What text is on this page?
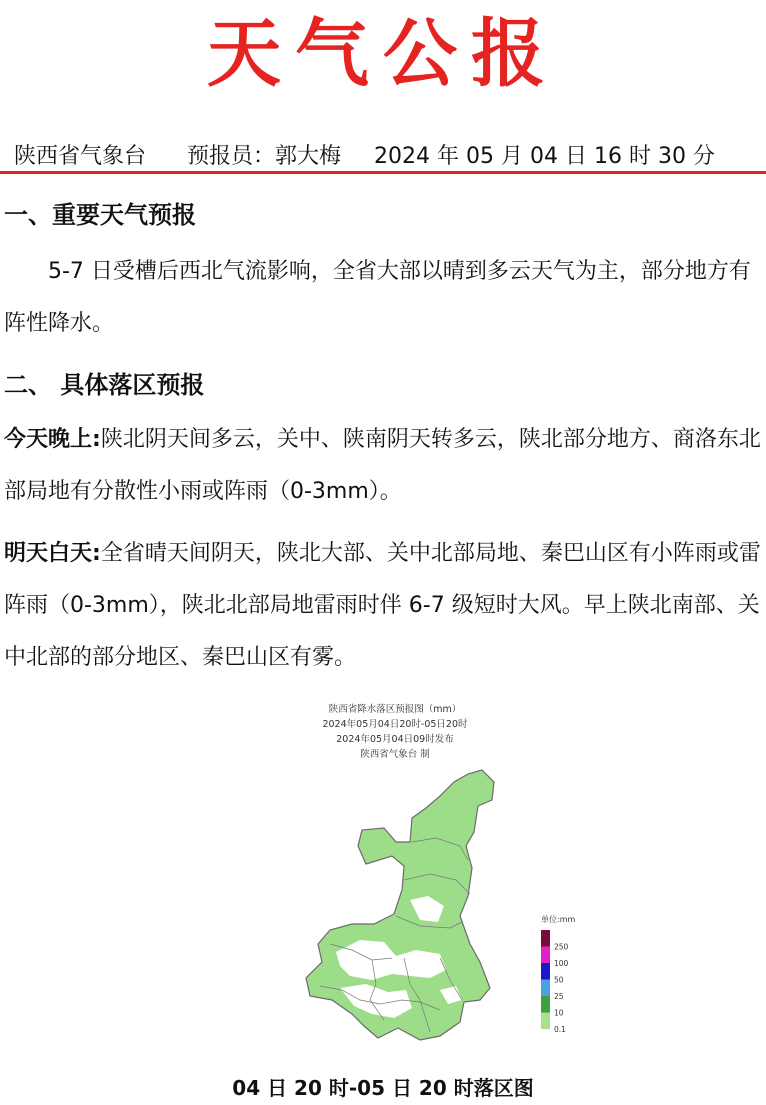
天气公报
陕西省气象台 预报员：郭大梅 2024 年 05 月 04 日 16 时 30 分
一、重要天气预报
5-7 日受槽后西北气流影响，全省大部以晴到多云天气为主，部分地方有阵性降水。
二、 具体落区预报
今天晚上:陕北阴天间多云，关中、陕南阴天转多云，陕北部分地方、商洛东北部局地有分散性小雨或阵雨（0-3mm）。
明天白天:全省晴天间阴天，陕北大部、关中北部局地、秦巴山区有小阵雨或雷阵雨（0-3mm），陕北北部局地雷雨时伴 6-7 级短时大风。早上陕北南部、关中北部的部分地区、秦巴山区有雾。
陕西省降水落区预报图（mm）
2024年05月04日20时-05日20时
2024年05月04日09时发布
陕西省气象台 制
单位:mm
250
100
50
25
10
0.1
04 日 20 时-05 日 20 时落区图
